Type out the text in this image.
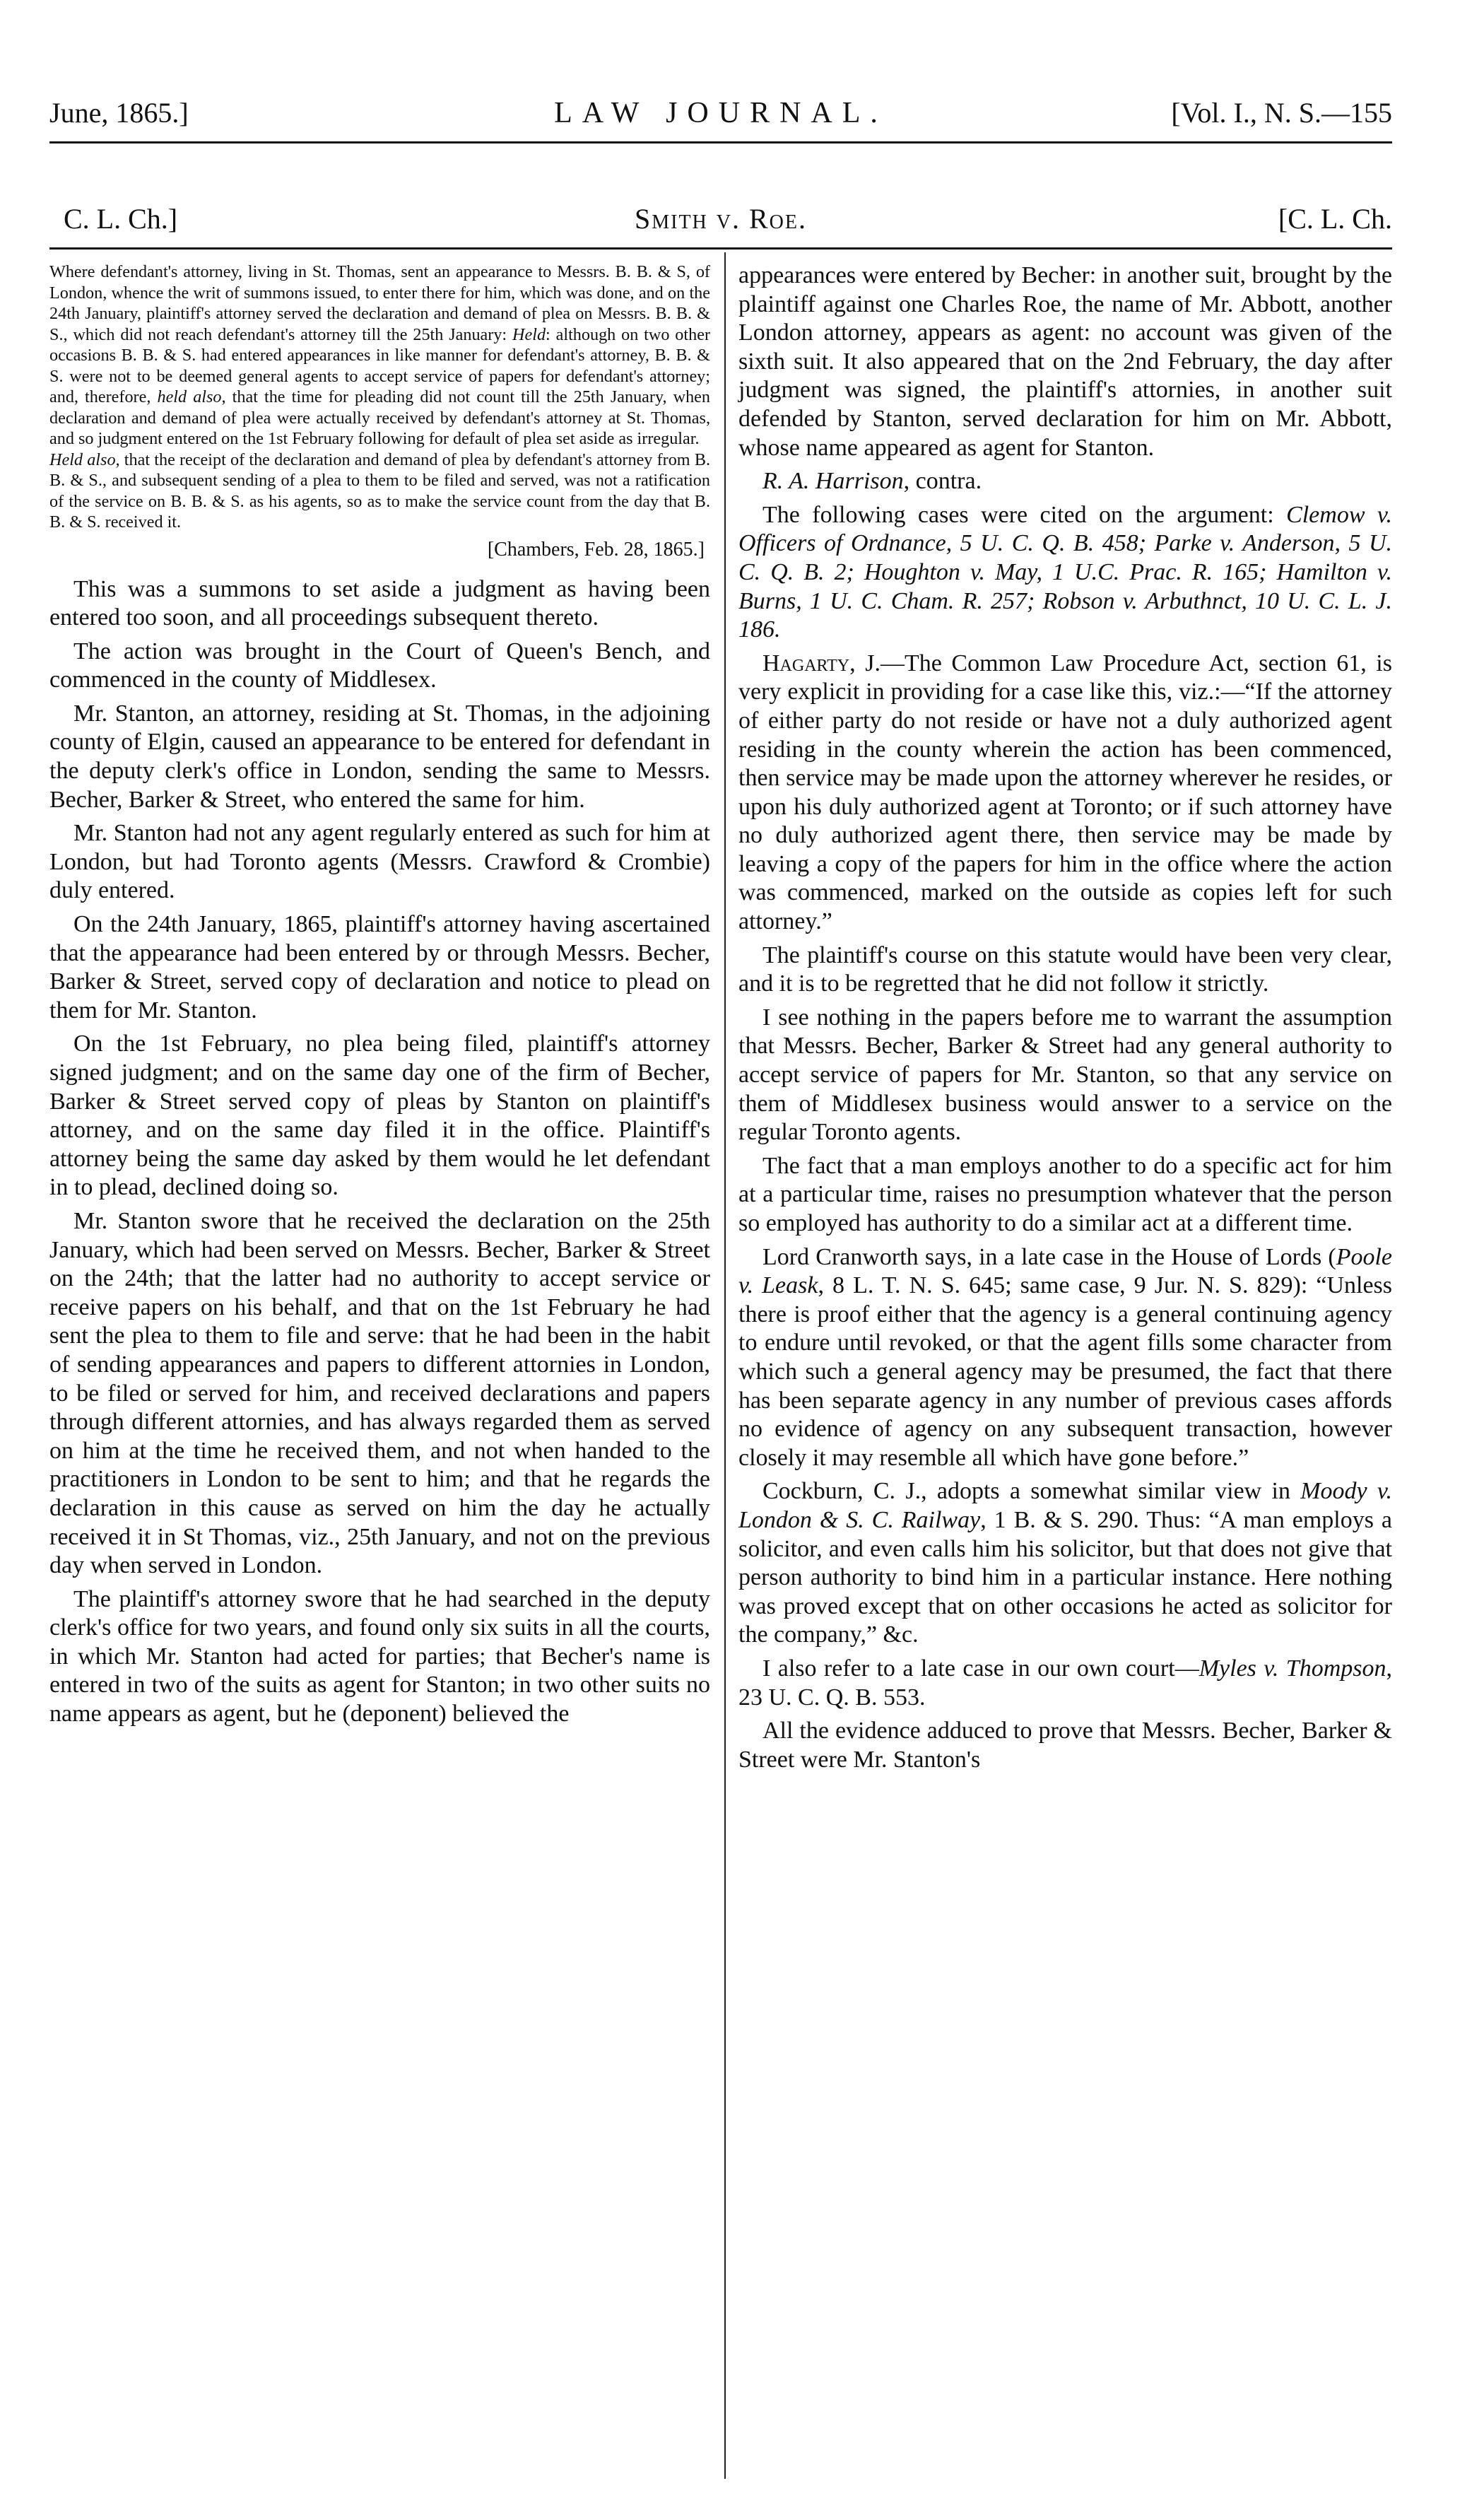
June, 1865.]	LAW JOURNAL.	[Vol. I., N. S.—155
C. L. Ch.]	Smith v. Roe.	[C. L. Ch.

Where defendant's attorney, living in St. Thomas, sent an appearance to Messrs. B. B. & S, of London, whence the writ of summons issued, to enter there for him, which was done, and on the 24th January, plaintiff's attorney served the declaration and demand of plea on Messrs. B. B. & S., which did not reach defendant's attorney till the 25th January: Held: although on two other occasions B. B. & S. had entered appearances in like manner for defendant's attorney, B. B. & S. were not to be deemed general agents to accept service of papers for defendant's attorney; and, therefore, held also, that the time for pleading did not count till the 25th January, when declaration and demand of plea were actually received by defendant's attorney at St. Thomas, and so judgment entered on the 1st February following for default of plea set aside as irregular.

Held also, that the receipt of the declaration and demand of plea by defendant's attorney from B. B. & S., and subsequent sending of a plea to them to be filed and served, was not a ratification of the service on B. B. & S. as his agents, so as to make the service count from the day that B. B. & S. received it.

[Chambers, Feb. 28, 1865.]

This was a summons to set aside a judgment as having been entered too soon, and all proceedings subsequent thereto.

The action was brought in the Court of Queen's Bench, and commenced in the county of Middlesex.

Mr. Stanton, an attorney, residing at St. Thomas, in the adjoining county of Elgin, caused an appearance to be entered for defendant in the deputy clerk's office in London, sending the same to Messrs. Becher, Barker & Street, who entered the same for him.

Mr. Stanton had not any agent regularly entered as such for him at London, but had Toronto agents (Messrs. Crawford & Crombie) duly entered.

On the 24th January, 1865, plaintiff's attorney having ascertained that the appearance had been entered by or through Messrs. Becher, Barker & Street, served copy of declaration and notice to plead on them for Mr. Stanton.

On the 1st February, no plea being filed, plaintiff's attorney signed judgment; and on the same day one of the firm of Becher, Barker & Street served copy of pleas by Stanton on plaintiff's attorney, and on the same day filed it in the office. Plaintiff's attorney being the same day asked by them would he let defendant in to plead, declined doing so.

Mr. Stanton swore that he received the declaration on the 25th January, which had been served on Messrs. Becher, Barker & Street on the 24th; that the latter had no authority to accept service or receive papers on his behalf, and that on the 1st February he had sent the plea to them to file and serve: that he had been in the habit of sending appearances and papers to different attornies in London, to be filed or served for him, and received declarations and papers through different attornies, and has always regarded them as served on him at the time he received them, and not when handed to the practitioners in London to be sent to him; and that he regards the declaration in this cause as served on him the day he actually received it in St Thomas, viz., 25th January, and not on the previous day when served in London.

The plaintiff's attorney swore that he had searched in the deputy clerk's office for two years, and found only six suits in all the courts, in which Mr. Stanton had acted for parties; that Becher's name is entered in two of the suits as agent for Stanton; in two other suits no name appears as agent, but he (deponent) believed the

appearances were entered by Becher: in another suit, brought by the plaintiff against one Charles Roe, the name of Mr. Abbott, another London attorney, appears as agent: no account was given of the sixth suit. It also appeared that on the 2nd February, the day after judgment was signed, the plaintiff's attornies, in another suit defended by Stanton, served declaration for him on Mr. Abbott, whose name appeared as agent for Stanton.

R. A. Harrison, contra.

The following cases were cited on the argument: Clemow v. Officers of Ordnance, 5 U. C. Q. B. 458; Parke v. Anderson, 5 U. C. Q. B. 2; Houghton v. May, 1 U.C. Prac. R. 165; Hamilton v. Burns, 1 U. C. Cham. R. 257; Robson v. Arbuthnct, 10 U. C. L. J. 186.

Hagarty, J.—The Common Law Procedure Act, section 61, is very explicit in providing for a case like this, viz.:—“If the attorney of either party do not reside or have not a duly authorized agent residing in the county wherein the action has been commenced, then service may be made upon the attorney wherever he resides, or upon his duly authorized agent at Toronto; or if such attorney have no duly authorized agent there, then service may be made by leaving a copy of the papers for him in the office where the action was commenced, marked on the outside as copies left for such attorney.”

The plaintiff's course on this statute would have been very clear, and it is to be regretted that he did not follow it strictly.

I see nothing in the papers before me to warrant the assumption that Messrs. Becher, Barker & Street had any general authority to accept service of papers for Mr. Stanton, so that any service on them of Middlesex business would answer to a service on the regular Toronto agents.

The fact that a man employs another to do a specific act for him at a particular time, raises no presumption whatever that the person so employed has authority to do a similar act at a different time.

Lord Cranworth says, in a late case in the House of Lords (Poole v. Leask, 8 L. T. N. S. 645; same case, 9 Jur. N. S. 829): “Unless there is proof either that the agency is a general continuing agency to endure until revoked, or that the agent fills some character from which such a general agency may be presumed, the fact that there has been separate agency in any number of previous cases affords no evidence of agency on any subsequent transaction, however closely it may resemble all which have gone before.”

Cockburn, C. J., adopts a somewhat similar view in Moody v. London & S. C. Railway, 1 B. & S. 290. Thus: “A man employs a solicitor, and even calls him his solicitor, but that does not give that person authority to bind him in a particular instance. Here nothing was proved except that on other occasions he acted as solicitor for the company,” &c.

I also refer to a late case in our own court—Myles v. Thompson, 23 U. C. Q. B. 553.

All the evidence adduced to prove that Messrs. Becher, Barker & Street were Mr. Stanton's
